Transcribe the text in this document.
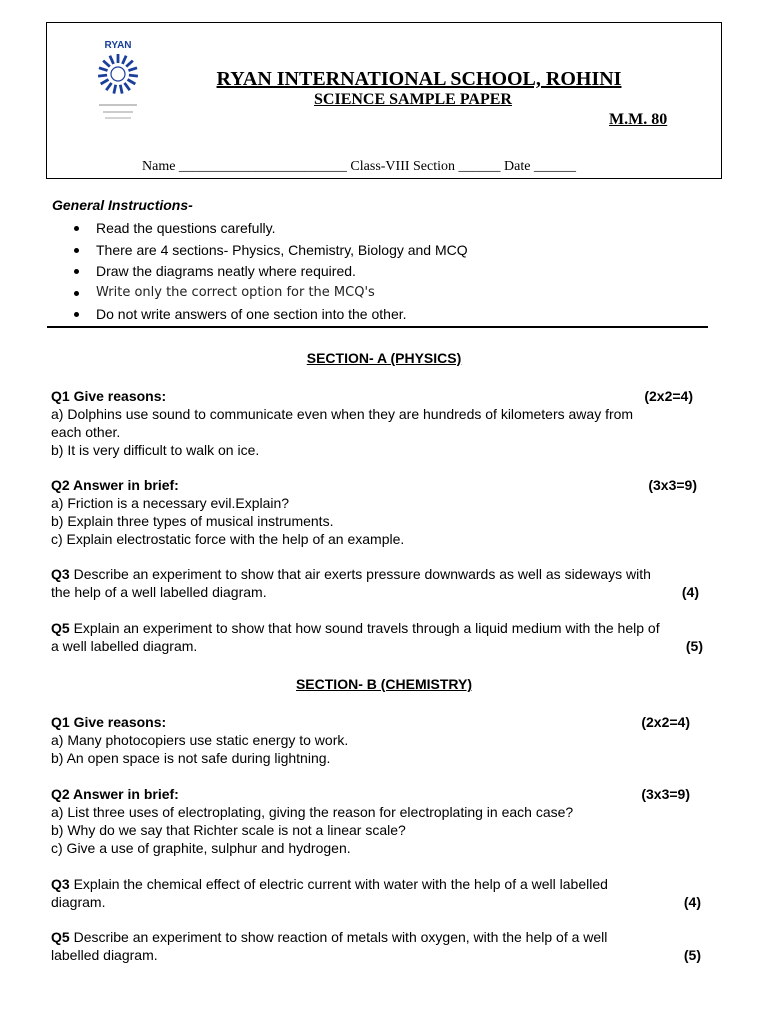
RYAN

RYAN INTERNATIONAL SCHOOL, ROHINI
SCIENCE SAMPLE PAPER
M.M. 80
Name ________________________ Class-VIII Section ______ Date ______
General Instructions-
Read the questions carefully.
There are 4 sections- Physics, Chemistry, Biology and MCQ
Draw the diagrams neatly where required.
Write only the correct option for the MCQ's
Do not write answers of one section into the other.
SECTION- A (PHYSICS)
Q1 Give reasons:	(2x2=4)
a) Dolphins use sound to communicate even when they are hundreds of kilometers away from
each other.
b) It is very difficult to walk on ice.
Q2 Answer in brief:	(3x3=9)
a) Friction is a necessary evil.Explain?
b) Explain three types of musical instruments.
c) Explain electrostatic force with the help of an example.
Q3 Describe an experiment to show that air exerts pressure downwards as well as sideways with
the help of a well labelled diagram.	(4)
Q5 Explain an experiment to show that how sound travels through a liquid medium with the help of
a well labelled diagram.	(5)
SECTION- B (CHEMISTRY)
Q1 Give reasons:	(2x2=4)
a) Many photocopiers use static energy to work.
b) An open space is not safe during lightning.
Q2 Answer in brief:	(3x3=9)
a) List three uses of electroplating, giving the reason for electroplating in each case?
b) Why do we say that Richter scale is not a linear scale?
c) Give a use of graphite, sulphur and hydrogen.
Q3 Explain the chemical effect of electric current with water with the help of a well labelled
diagram.	(4)
Q5 Describe an experiment to show reaction of metals with oxygen, with the help of a well
labelled diagram.	(5)
